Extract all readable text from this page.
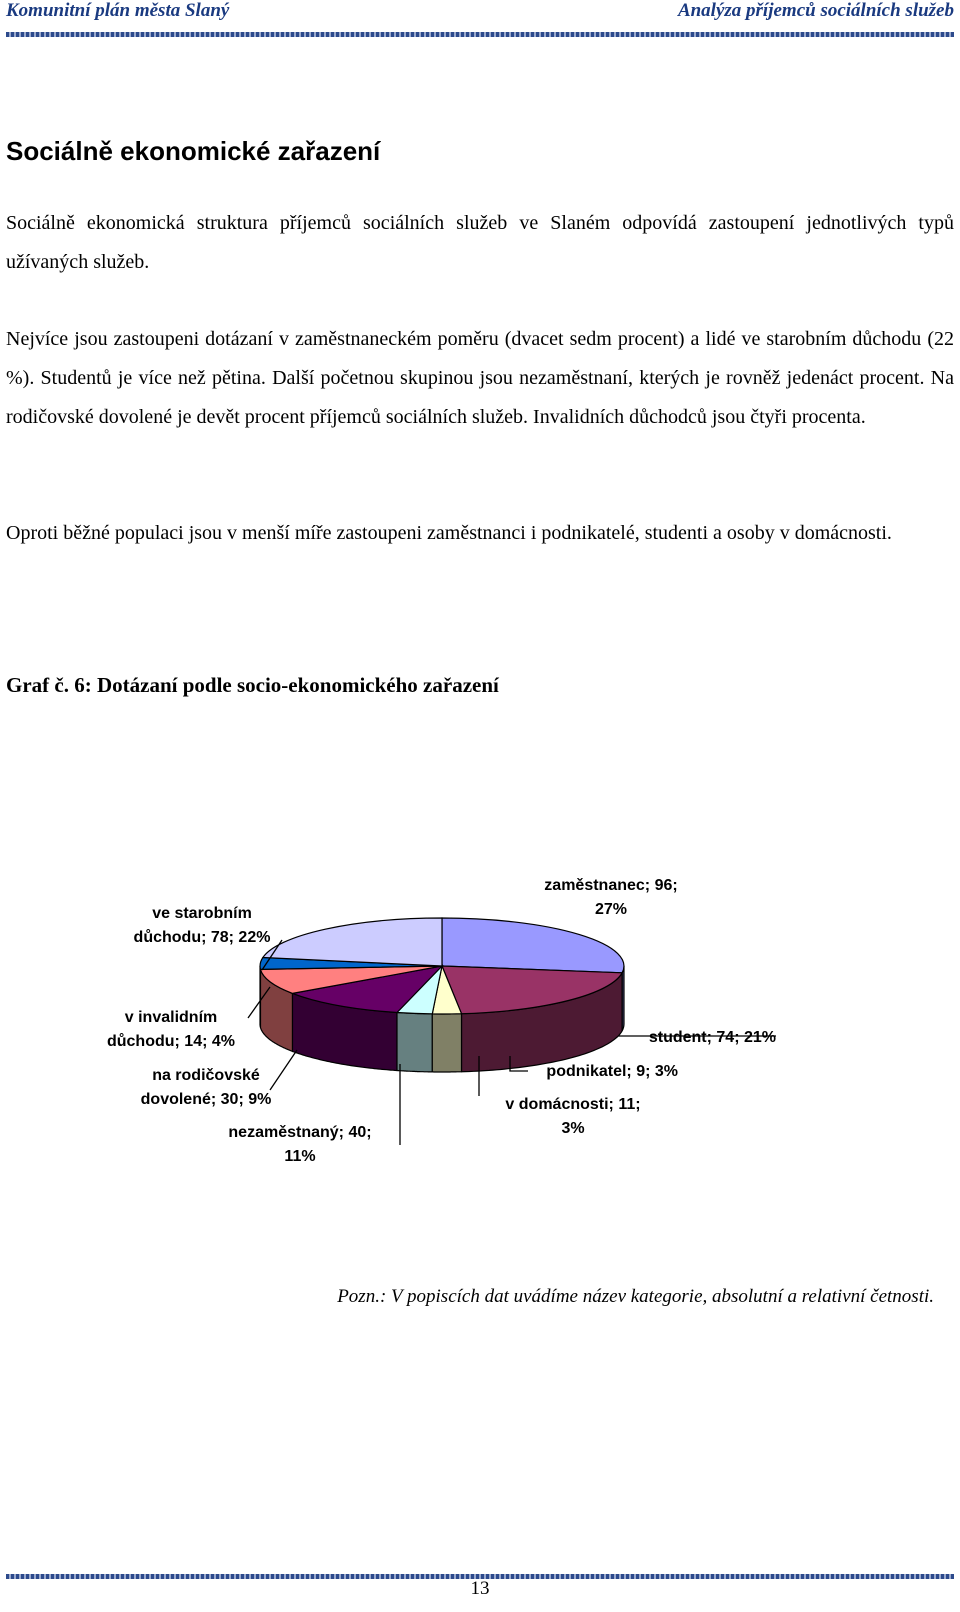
Komunitní plán města Slaný	Analýza příjemců sociálních služeb
Sociálně ekonomické zařazení

Sociálně ekonomická struktura příjemců sociálních služeb ve Slaném odpovídá zastoupení jednotlivých typů užívaných služeb.

Nejvíce jsou zastoupeni dotázaní v zaměstnaneckém poměru (dvacet sedm procent) a lidé ve starobním důchodu (22 %). Studentů je více než pětina. Další početnou skupinou jsou nezaměstnaní, kterých je rovněž jedenáct procent. Na rodičovské dovolené je devět procent příjemců sociálních služeb. Invalidních důchodců jsou čtyři procenta.

Oproti běžné populaci jsou v menší míře zastoupeni zaměstnanci i podnikatelé, studenti a osoby v domácnosti.

Graf č. 6: Dotázaní podle socio-ekonomického zařazení

zaměstnanec; 96;
27%
student; 74; 21%
podnikatel; 9; 3%
v domácnosti; 11;
3%
nezaměstnaný; 40;
11%
na rodičovské
dovolené; 30; 9%
v invalidním
důchodu; 14; 4%
ve starobním
důchodu; 78; 22%

Pozn.: V popiscích dat uvádíme název kategorie, absolutní a relativní četnosti.

13
